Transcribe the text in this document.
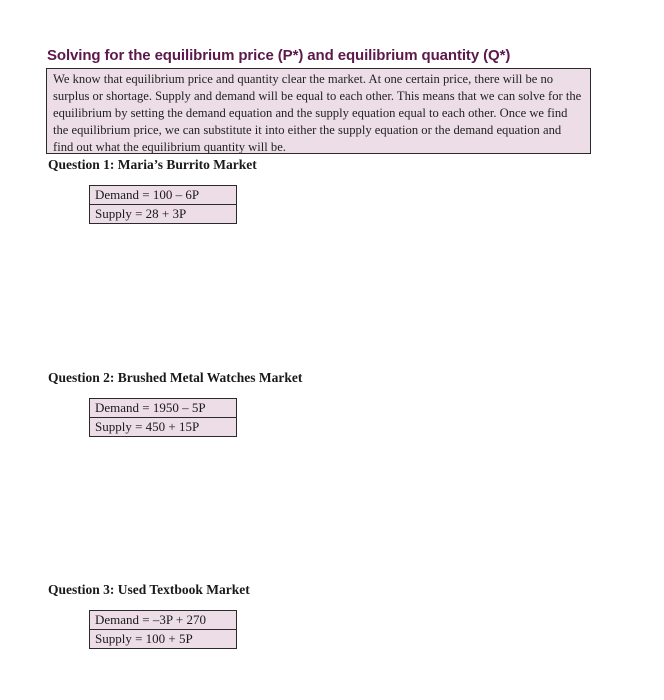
Solving for the equilibrium price (P*) and equilibrium quantity (Q*)

We know that equilibrium price and quantity clear the market. At one certain price, there will be no surplus or shortage. Supply and demand will be equal to each other. This means that we can solve for the equilibrium by setting the demand equation and the supply equation equal to each other. Once we find the equilibrium price, we can substitute it into either the supply equation or the demand equation and find out what the equilibrium quantity will be.

Question 1: Maria’s Burrito Market
Demand = 100 – 6P
Supply = 28 + 3P
Question 2: Brushed Metal Watches Market
Demand = 1950 – 5P
Supply = 450 + 15P
Question 3: Used Textbook Market
Demand = –3P + 270
Supply = 100 + 5P
